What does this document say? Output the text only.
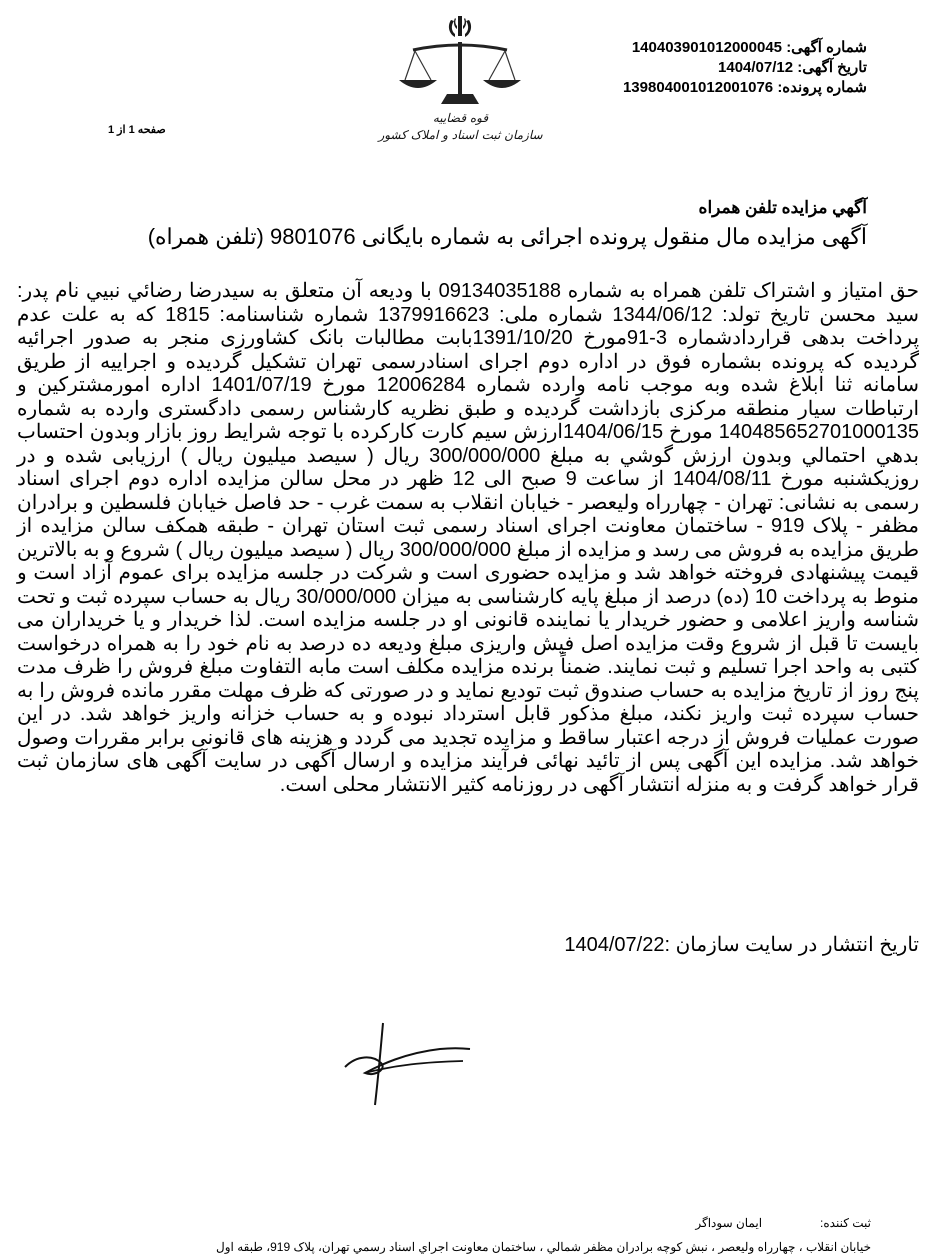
شماره آگهی: 14040390101200004​5
تاریخ آگهی: 1404/07/12
شماره پرونده: 13980400101200107​6
صفحه 1 از 1
قوه قضاییه
سازمان ثبت اسناد و املاک کشور
آگهي مزايده تلفن همراه
آگهی مزایده مال منقول پرونده اجرائی به شماره بایگانی 9801076 (تلفن همراه)
حق امتياز و اشتراک تلفن همراه به شماره 09134035188 با وديعه آن متعلق به سيدرضا رضائي نبيي نام پدر: سيد محسن تاريخ تولد: 1344/06/12 شماره ملی: 1379916623 شماره شناسنامه: 1815 که به علت عدم پرداخت بدهی قراردادشماره 3-91مورخ 1391/10/20بابت مطالبات بانک کشاورزی منجر به صدور اجرائیه گردیده که پرونده بشماره فوق در اداره دوم اجرای اسنادرسمی تهران تشکیل گردیده و اجراییه از طریق سامانه ثنا ابلاغ شده وبه موجب نامه وارده شماره 12006284 مورخ 1401/07/19 اداره امورمشترکین و ارتباطات سيار منطقه مرکزی بازداشت گردیده و طبق نظریه کارشناس رسمی دادگستری وارده به شماره 14048565270100013​5 مورخ 1404/06/15ارزش سيم کارت کارکرده با توجه شرایط روز بازار وبدون احتساب بدهي احتمالي وبدون ارزش گوشي به مبلغ 300/000/000 ريال ( سیصد میلیون ریال ) ارزیابی شده و در روزیکشنبه مورخ 1404/08/11 از ساعت 9 صبح الی 12 ظهر در محل سالن مزایده اداره دوم اجرای اسناد رسمی به نشانی: تهران - چهارراه ولیعصر - خیابان انقلاب به سمت غرب - حد فاصل خیابان فلسطین و برادران مظفر - پلاک 919 - ساختمان معاونت اجرای اسناد رسمی ثبت استان تهران - طبقه همکف سالن مزایده از طریق مزایده به فروش می رسد و مزایده از مبلغ 300/000/000 ریال ( سیصد میلیون ریال ) شروع و به بالاترین قیمت پیشنهادی فروخته خواهد شد و مزایده حضوری است و شرکت در جلسه مزایده برای عموم آزاد است و منوط به پرداخت 10 (ده) درصد از مبلغ پایه کارشناسی به میزان 30/000/000 ریال به حساب سپرده ثبت و تحت شناسه واریز اعلامی و حضور خریدار یا نماینده قانونی او در جلسه مزایده است. لذا خریدار و یا خریداران می بایست تا قبل از شروع وقت مزایده اصل فیش واریزی مبلغ ودیعه ده درصد به نام خود را به همراه درخواست کتبی به واحد اجرا تسلیم و ثبت نمایند. ضمناً برنده مزایده مکلف است مابه التفاوت مبلغ فروش را ظرف مدت پنج روز از تاریخ مزایده به حساب صندوق ثبت تودیع نماید و در صورتی که ظرف مهلت مقرر مانده فروش را به حساب سپرده ثبت واریز نکند، مبلغ مذکور قابل استرداد نبوده و به حساب خزانه واریز خواهد شد. در این صورت عملیات فروش از درجه اعتبار ساقط و مزایده تجدید می گردد و هزینه های قانونی برابر مقررات وصول خواهد شد. مزایده این آگهی پس از تائید نهائی فرآیند مزایده و ارسال آگهی در سایت آگهی های سازمان ثبت قرار خواهد گرفت و به منزله انتشار آگهی در روزنامه کثیر الانتشار محلی است.
تاریخ انتشار در سایت سازمان :1404/07/22
ثبت کننده:ایمان سوداگر
خيابان انقلاب ، چهارراه وليعصر ، نبش کوچه برادران مظفر شمالي ، ساختمان معاونت اجراي اسناد رسمي تهران، پلاک 919، طبقه اول
